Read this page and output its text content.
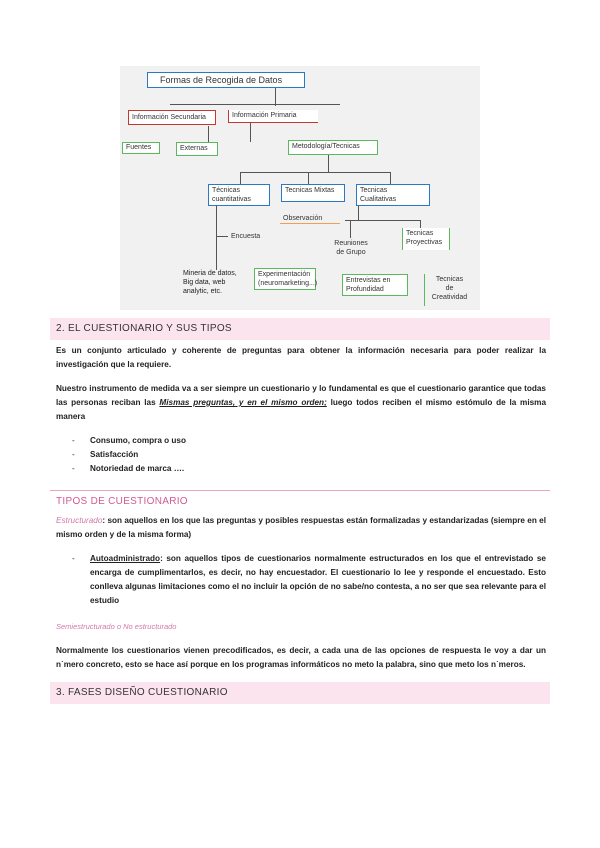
Formas de Recogida de Datos
Información Secundaria	Información Primaria
Fuentes	Externas	Metodología/Tecnicas
Técnicas
cuantitativas
Tecnicas Mixtas	Tecnicas
Cualitativas
Observación
Encuesta
Reuniones
de Grupo
Tecnicas
Proyectivas
Mineria de datos,
Big data, web
analytic, etc.
Experimentación
(neuromarketing...)	Entrevistas en
Profundidad
Tecnicas
de
Creatividad
2. EL CUESTIONARIO Y SUS TIPOS
Es un conjunto articulado y coherente de preguntas para obtener la información necesaria para poder realizar la investigación que la requiere.
Nuestro instrumento de medida va a ser siempre un cuestionario y lo fundamental es que el cuestionario garantice que todas las personas reciban las Mismas preguntas, y en el mismo orden; luego todos reciben el mismo estómulo de la misma manera
- Consumo, compra o uso
- Satisfacción
- Notoriedad de marca ….
TIPOS DE CUESTIONARIO
Estructurado: son aquellos en los que las preguntas y posibles respuestas están formalizadas y estandarizadas (siempre en el mismo orden y de la misma forma)
- Autoadministrado: son aquellos tipos de cuestionarios normalmente estructurados en los que el entrevistado se encarga de cumplimentarlos, es decir, no hay encuestador. El cuestionario lo lee y responde el encuestado. Esto conlleva algunas limitaciones como el no incluir la opción de no sabe/no contesta, a no ser que sea relevante para el estudio
Semiestructurado o No estructurado
Normalmente los cuestionarios vienen precodificados, es decir, a cada una de las opciones de respuesta le voy a dar un n˙mero concreto, esto se hace así porque en los programas informáticos no meto la palabra, sino que meto los n˙meros.
3. FASES DISEÑO CUESTIONARIO
